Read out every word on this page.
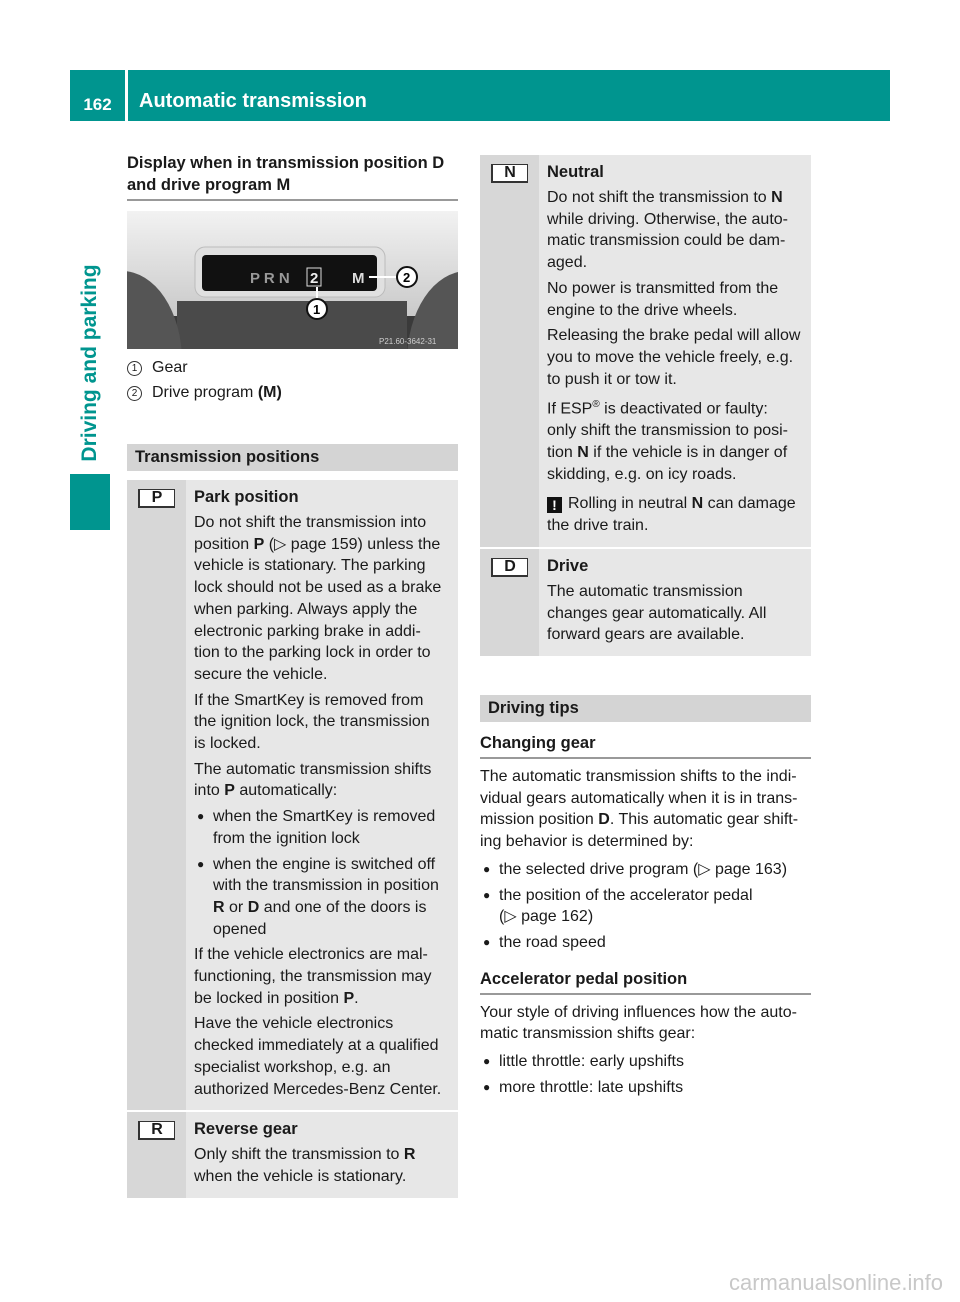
162	Automatic transmission
Driving and parking
Display when in transmission position D
and drive program M
P R N 2 M	2
1
P21.60-3642-31
1 Gear
2 Drive program (M)
Transmission positions
P	Park position
Do not shift the transmission into
position P (▷ page 159) unless the
vehicle is stationary. The parking
lock should not be used as a brake
when parking. Always apply the
electronic parking brake in addi-
tion to the parking lock in order to
secure the vehicle.
If the SmartKey is removed from
the ignition lock, the transmission
is locked.
The automatic transmission shifts
into P automatically:
● when the SmartKey is removed
from the ignition lock
● when the engine is switched off
with the transmission in position
R or D and one of the doors is
opened
If the vehicle electronics are mal-
functioning, the transmission may
be locked in position P.
Have the vehicle electronics
checked immediately at a qualified
specialist workshop, e.g. an
authorized Mercedes-Benz Center.
R	Reverse gear
Only shift the transmission to R
when the vehicle is stationary.
N	Neutral
Do not shift the transmission to N
while driving. Otherwise, the auto-
matic transmission could be dam-
aged.
No power is transmitted from the
engine to the drive wheels.
Releasing the brake pedal will allow
you to move the vehicle freely, e.g.
to push it or tow it.
If ESP® is deactivated or faulty:
only shift the transmission to posi-
tion N if the vehicle is in danger of
skidding, e.g. on icy roads.
! Rolling in neutral N can damage
the drive train.
D	Drive
The automatic transmission
changes gear automatically. All
forward gears are available.
Driving tips
Changing gear
The automatic transmission shifts to the indi-
vidual gears automatically when it is in trans-
mission position D. This automatic gear shift-
ing behavior is determined by:
● the selected drive program (▷ page 163)
● the position of the accelerator pedal
(▷ page 162)
● the road speed
Accelerator pedal position
Your style of driving influences how the auto-
matic transmission shifts gear:
● little throttle: early upshifts
● more throttle: late upshifts
carmanualsonline.info
